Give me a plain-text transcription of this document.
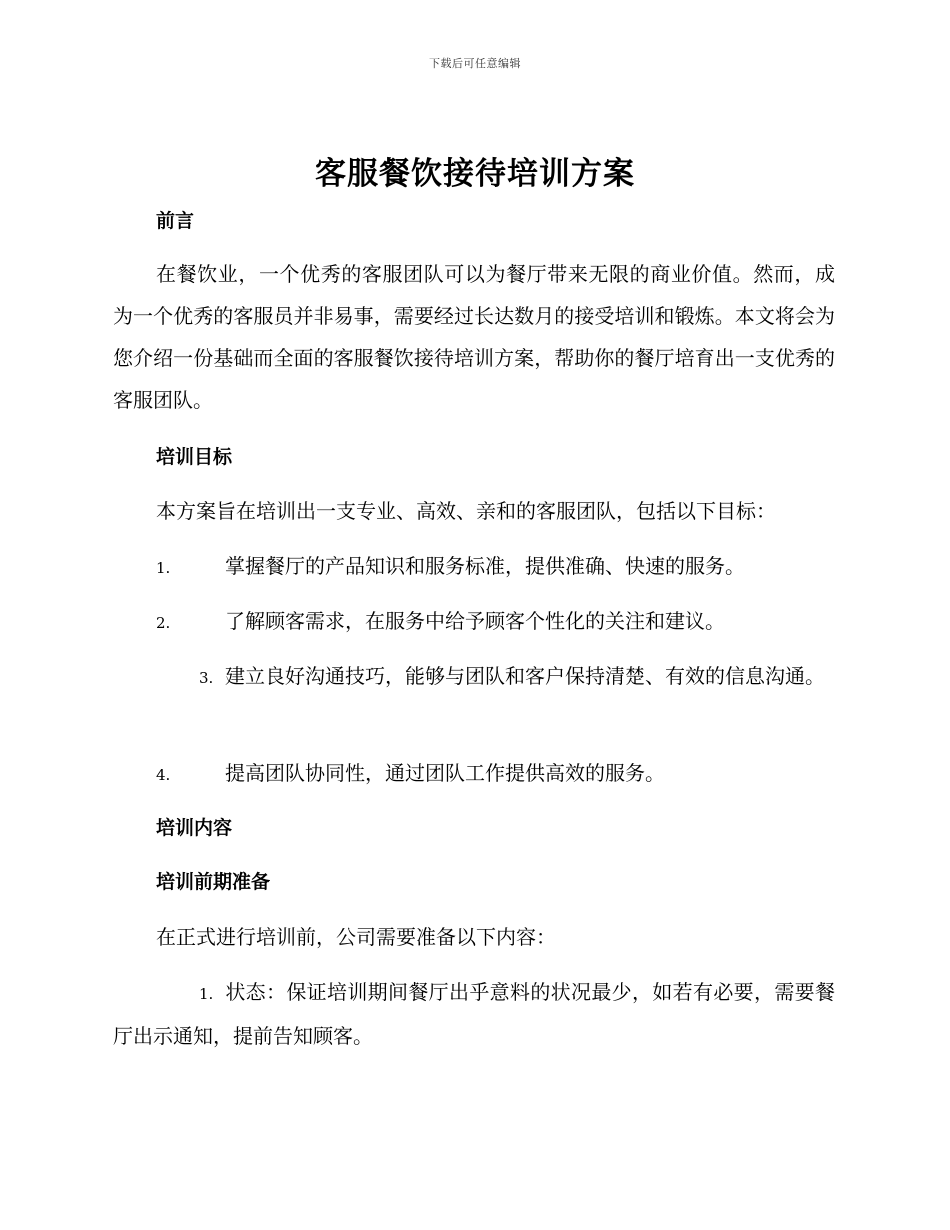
下载后可任意编辑
客服餐饮接待培训方案

前言

在餐饮业，一个优秀的客服团队可以为餐厅带来无限的商业价值。然而，成为一个优秀的客服员并非易事，需要经过长达数月的接受培训和锻炼。本文将会为您介绍一份基础而全面的客服餐饮接待培训方案，帮助你的餐厅培育出一支优秀的客服团队。

培训目标

本方案旨在培训出一支专业、高效、亲和的客服团队，包括以下目标：

1.	掌握餐厅的产品知识和服务标准，提供准确、快速的服务。

2.	了解顾客需求，在服务中给予顾客个性化的关注和建议。

3. 建立良好沟通技巧，能够与团队和客户保持清楚、有效的信息沟通。

4.	提高团队协同性，通过团队工作提供高效的服务。

培训内容

培训前期准备

在正式进行培训前，公司需要准备以下内容：

1. 状态：保证培训期间餐厅出乎意料的状况最少，如若有必要，需要餐厅出示通知，提前告知顾客。
